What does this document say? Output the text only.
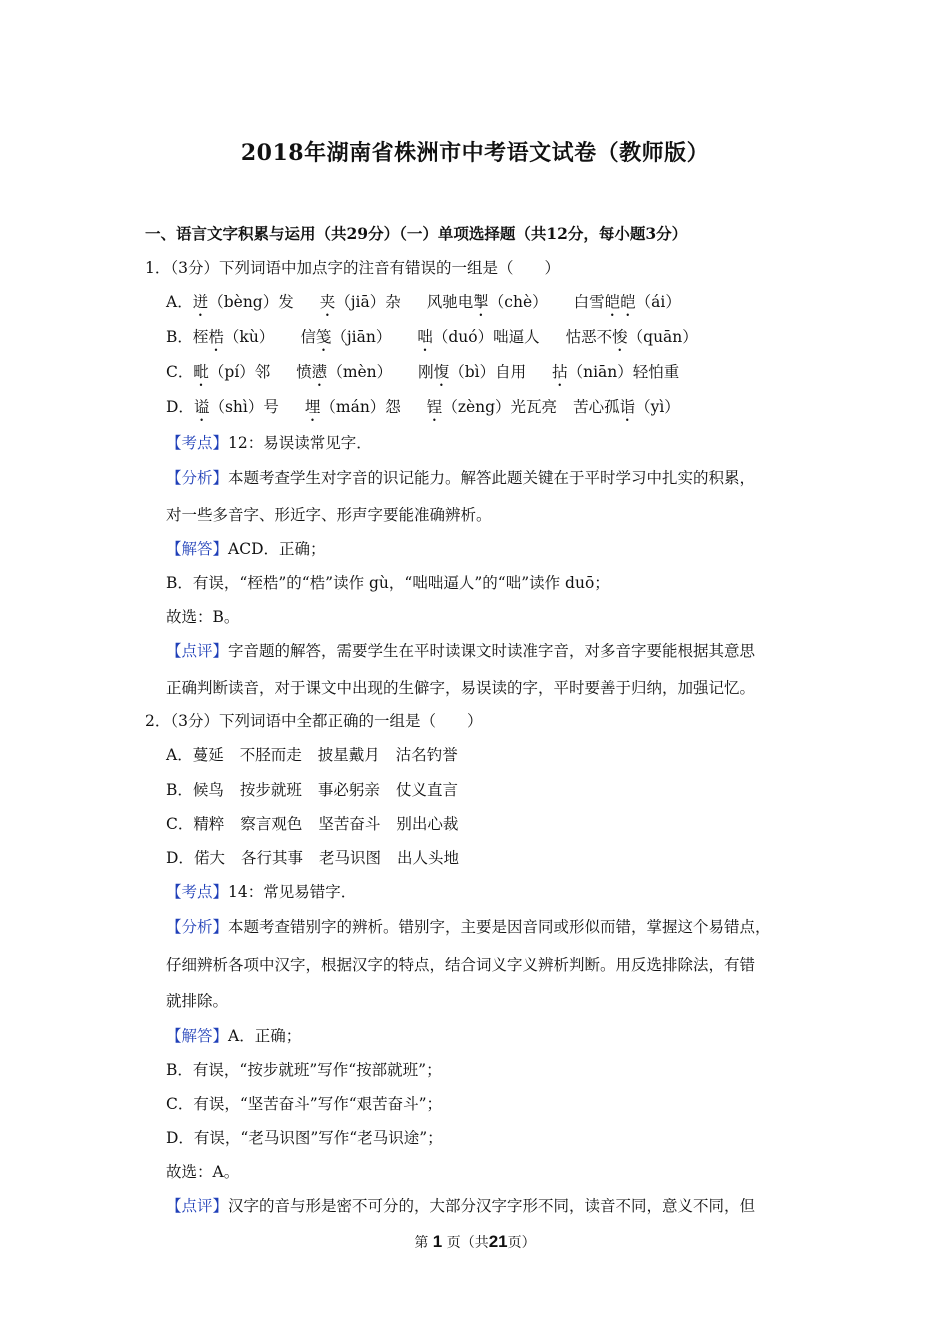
2018年湖南省株洲市中考语文试卷（教师版）
一、语言文字积累与运用（共29分）（一）单项选择题（共12分，每小题3分）
1．（3分）下列词语中加点字的注音有错误的一组是（　　）
A．迸（bèng）发 夹（jiā）杂 风驰电掣（chè） 白雪皑皑（ái）
B．桎梏（kù） 信笺（jiān） 咄（duó）咄逼人 怙恶不悛（quān）
C．毗（pí）邻 愤懑（mèn） 刚愎（bì）自用 拈（niān）轻怕重
D．谥（shì）号 埋（mán）怨 锃（zèng）光瓦亮 苦心孤诣（yì）
【考点】12：易误读常见字．
【分析】本题考查学生对字音的识记能力。解答此题关键在于平时学习中扎实的积累，
对一些多音字、形近字、形声字要能准确辨析。
【解答】ACD．正确；
B．有误，“桎梏”的“梏”读作 gù，“咄咄逼人”的“咄”读作 duō；
故选：B。
【点评】字音题的解答，需要学生在平时读课文时读准字音，对多音字要能根据其意思
正确判断读音，对于课文中出现的生僻字，易误读的字，平时要善于归纳，加强记忆。
2．（3分）下列词语中全都正确的一组是（　　）
A．蔓延 不胫而走 披星戴月 沽名钓誉
B．候鸟 按步就班 事必躬亲 仗义直言
C．精粹 察言观色 坚苦奋斗 别出心裁
D．偌大 各行其事 老马识图 出人头地
【考点】14：常见易错字．
【分析】本题考查错别字的辨析。错别字，主要是因音同或形似而错，掌握这个易错点，
仔细辨析各项中汉字，根据汉字的特点，结合词义字义辨析判断。用反选排除法，有错
就排除。
【解答】A．正确；
B．有误，“按步就班”写作“按部就班”；
C．有误，“坚苦奋斗”写作“艰苦奋斗”；
D．有误，“老马识图”写作“老马识途”；
故选：A。
【点评】汉字的音与形是密不可分的，大部分汉字字形不同，读音不同，意义不同，但
第 1 页（共21页）
